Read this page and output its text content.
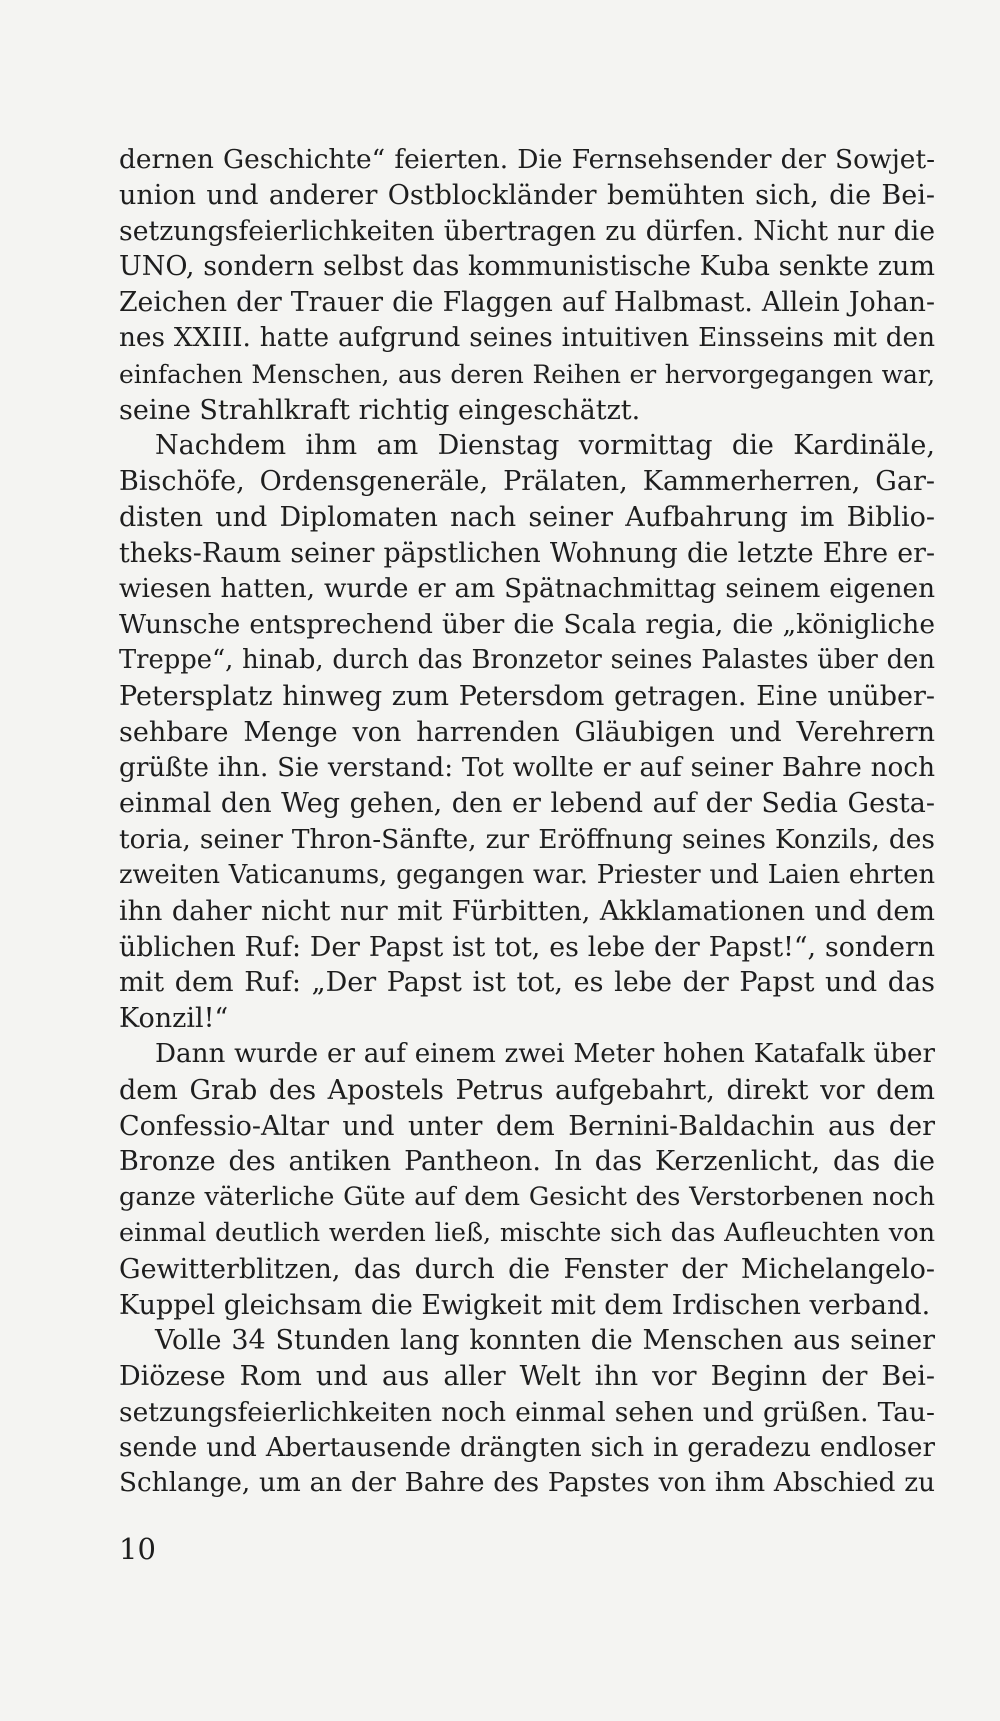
dernen Geschichte“ feierten. Die Fernsehsender der Sowjet-
union und anderer Ostblockländer bemühten sich, die Bei-
setzungsfeierlichkeiten übertragen zu dürfen. Nicht nur die
UNO, sondern selbst das kommunistische Kuba senkte zum
Zeichen der Trauer die Flaggen auf Halbmast. Allein Johan-
nes XXIII. hatte aufgrund seines intuitiven Einsseins mit den
einfachen Menschen, aus deren Reihen er hervorgegangen war,
seine Strahlkraft richtig eingeschätzt.
Nachdem ihm am Dienstag vormittag die Kardinäle,
Bischöfe, Ordensgeneräle, Prälaten, Kammerherren, Gar-
disten und Diplomaten nach seiner Aufbahrung im Biblio-
theks-Raum seiner päpstlichen Wohnung die letzte Ehre er-
wiesen hatten, wurde er am Spätnachmittag seinem eigenen
Wunsche entsprechend über die Scala regia, die „königliche
Treppe“, hinab, durch das Bronzetor seines Palastes über den
Petersplatz hinweg zum Petersdom getragen. Eine unüber-
sehbare Menge von harrenden Gläubigen und Verehrern
grüßte ihn. Sie verstand: Tot wollte er auf seiner Bahre noch
einmal den Weg gehen, den er lebend auf der Sedia Gesta-
toria, seiner Thron-Sänfte, zur Eröffnung seines Konzils, des
zweiten Vaticanums, gegangen war. Priester und Laien ehrten
ihn daher nicht nur mit Fürbitten, Akklamationen und dem
üblichen Ruf: Der Papst ist tot, es lebe der Papst!“, sondern
mit dem Ruf: „Der Papst ist tot, es lebe der Papst und das
Konzil!“
Dann wurde er auf einem zwei Meter hohen Katafalk über
dem Grab des Apostels Petrus aufgebahrt, direkt vor dem
Confessio-Altar und unter dem Bernini-Baldachin aus der
Bronze des antiken Pantheon. In das Kerzenlicht, das die
ganze väterliche Güte auf dem Gesicht des Verstorbenen noch
einmal deutlich werden ließ, mischte sich das Aufleuchten von
Gewitterblitzen, das durch die Fenster der Michelangelo-
Kuppel gleichsam die Ewigkeit mit dem Irdischen verband.
Volle 34 Stunden lang konnten die Menschen aus seiner
Diözese Rom und aus aller Welt ihn vor Beginn der Bei-
setzungsfeierlichkeiten noch einmal sehen und grüßen. Tau-
sende und Abertausende drängten sich in geradezu endloser
Schlange, um an der Bahre des Papstes von ihm Abschied zu
10
